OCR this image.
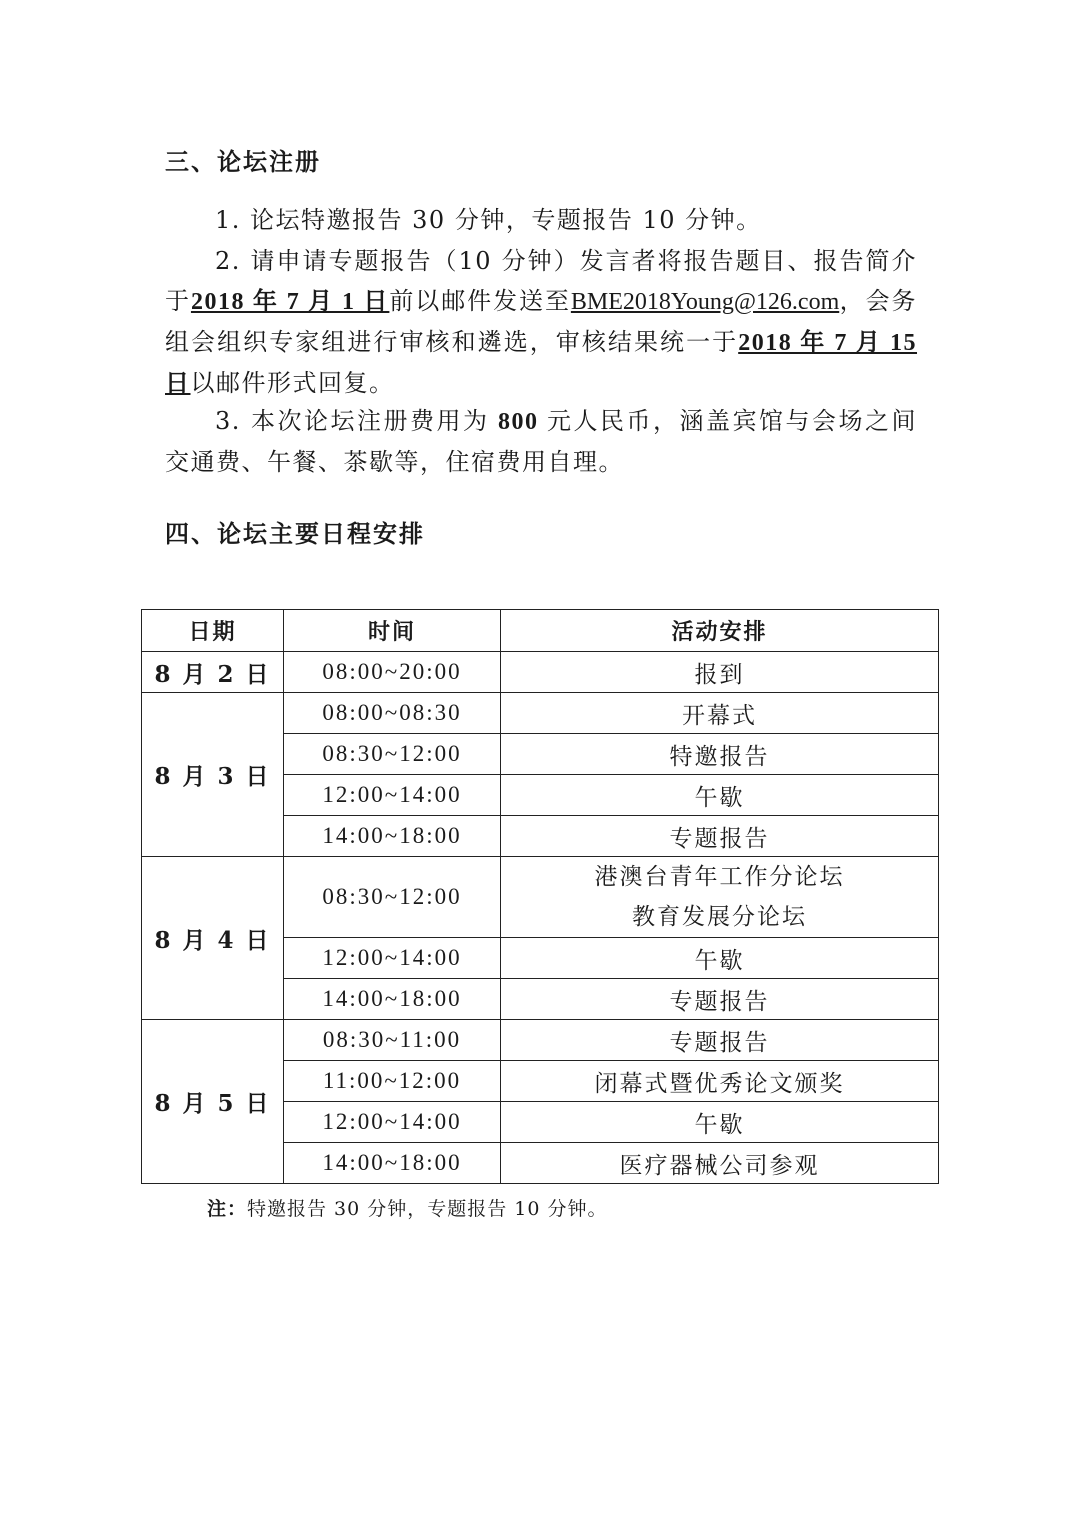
三、论坛注册
1. 论坛特邀报告 30 分钟，专题报告 10 分钟。
2. 请申请专题报告（10 分钟）发言者将报告题目、报告简介于2018 年 7 月 1 日前以邮件发送至BME2018Young@126.com，会务组会组织专家组进行审核和遴选，审核结果统一于2018 年 7 月 15 日以邮件形式回复。
3. 本次论坛注册费用为 800 元人民币，涵盖宾馆与会场之间交通费、午餐、茶歇等，住宿费用自理。
四、论坛主要日程安排
日期	时间	活动安排
8 月 2 日	08:00~20:00	报到
8 月 3 日	08:00~08:30	开幕式
	08:30~12:00	特邀报告
	12:00~14:00	午歇
	14:00~18:00	专题报告
8 月 4 日	08:30~12:00	港澳台青年工作分论坛
教育发展分论坛

	12:00~14:00	午歇
	14:00~18:00	专题报告
8 月 5 日	08:30~11:00	专题报告
	11:00~12:00	闭幕式暨优秀论文颁奖
	12:00~14:00	午歇
	14:00~18:00	医疗器械公司参观
注：特邀报告 30 分钟，专题报告 10 分钟。
